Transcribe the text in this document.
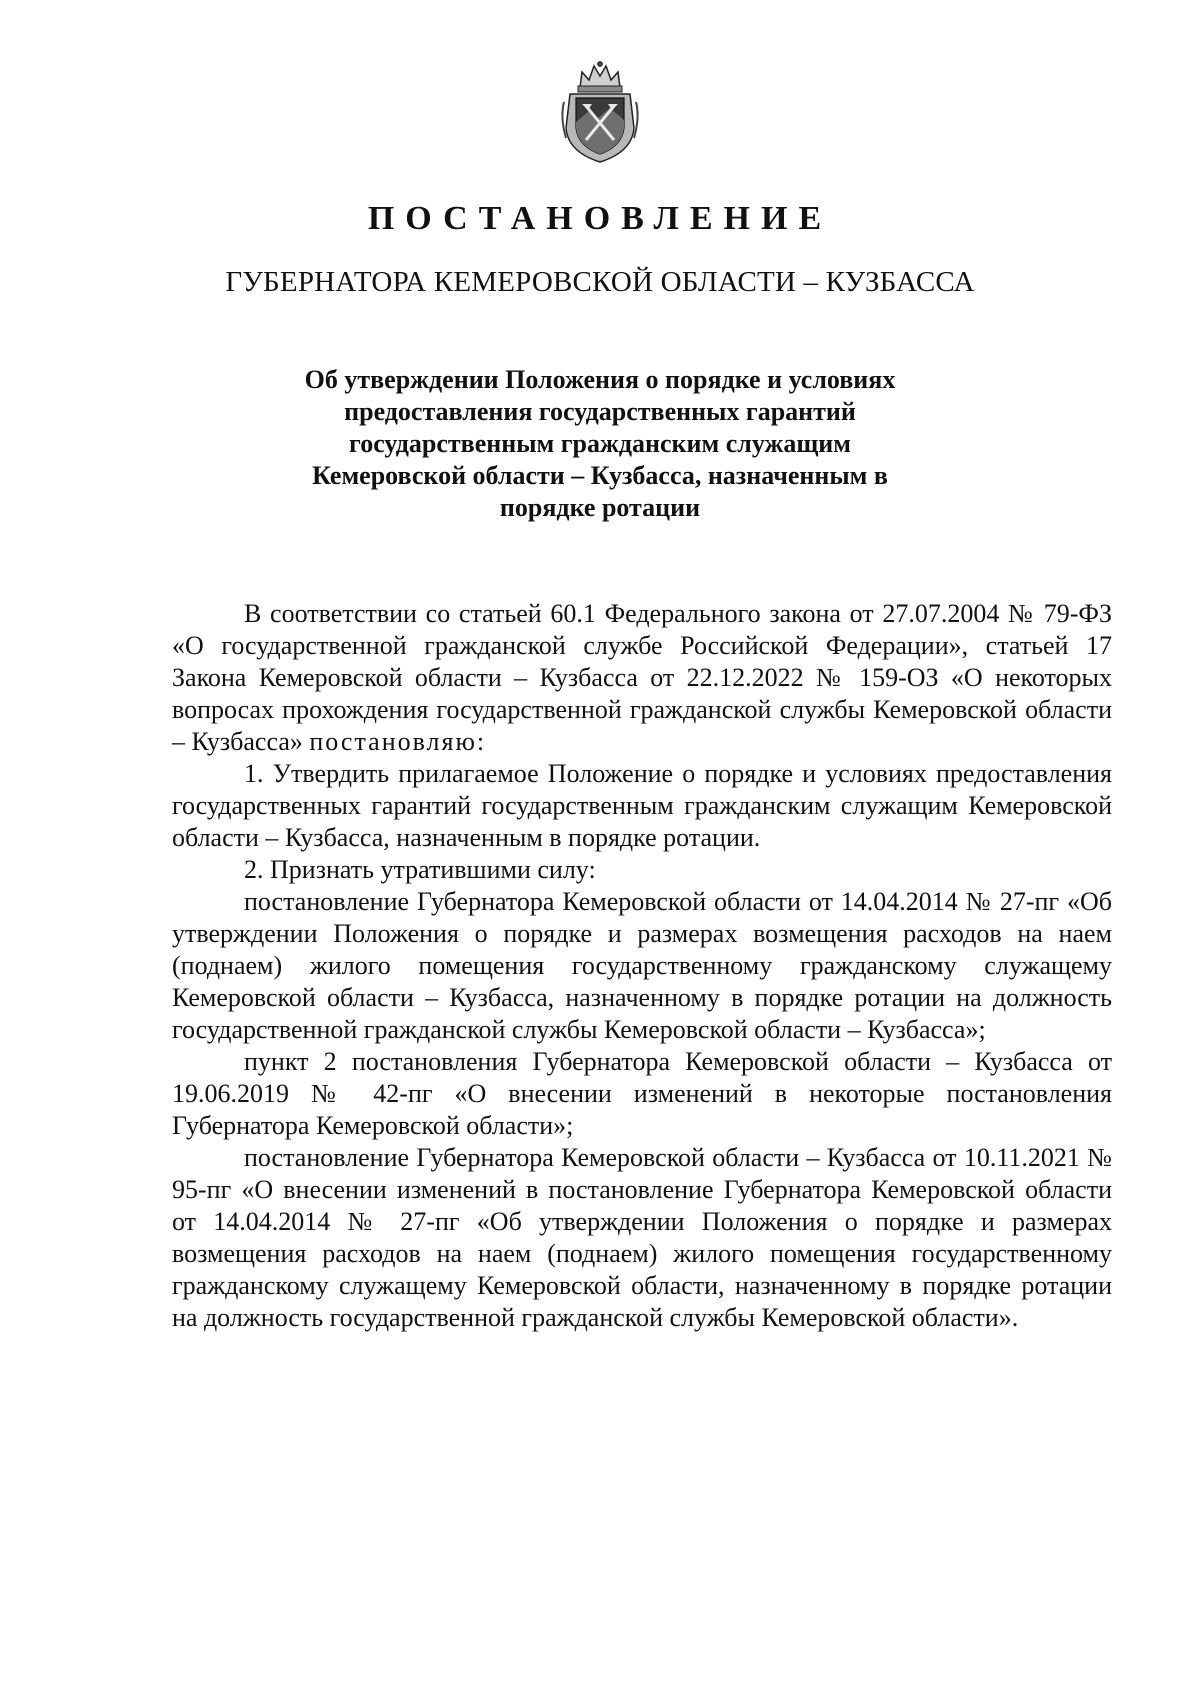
ПОСТАНОВЛЕНИЕ
ГУБЕРНАТОРА КЕМЕРОВСКОЙ ОБЛАСТИ – КУЗБАССА
Об утверждении Положения о порядке и условиях предоставления государственных гарантий государственным гражданским служащим Кемеровской области – Кузбасса, назначенным в порядке ротации

В соответствии со статьей 60.1 Федерального закона от 27.07.2004 № 79-ФЗ «О государственной гражданской службе Российской Федерации», статьей 17 Закона Кемеровской области – Кузбасса от 22.12.2022 № 159-ОЗ «О некоторых вопросах прохождения государственной гражданской службы Кемеровской области – Кузбасса» постановляю:

1. Утвердить прилагаемое Положение о порядке и условиях предоставления государственных гарантий государственным гражданским служащим Кемеровской области – Кузбасса, назначенным в порядке ротации.

2. Признать утратившими силу:

постановление Губернатора Кемеровской области от 14.04.2014 № 27-пг «Об утверждении Положения о порядке и размерах возмещения расходов на наем (поднаем) жилого помещения государственному гражданскому служащему Кемеровской области – Кузбасса, назначенному в порядке ротации на должность государственной гражданской службы Кемеровской области – Кузбасса»;

пункт 2 постановления Губернатора Кемеровской области – Кузбасса от 19.06.2019 № 42-пг «О внесении изменений в некоторые постановления Губернатора Кемеровской области»;

постановление Губернатора Кемеровской области – Кузбасса от 10.11.2021 № 95-пг «О внесении изменений в постановление Губернатора Кемеровской области от 14.04.2014 № 27-пг «Об утверждении Положения о порядке и размерах возмещения расходов на наем (поднаем) жилого помещения государственному гражданскому служащему Кемеровской области, назначенному в порядке ротации на должность государственной гражданской службы Кемеровской области».
